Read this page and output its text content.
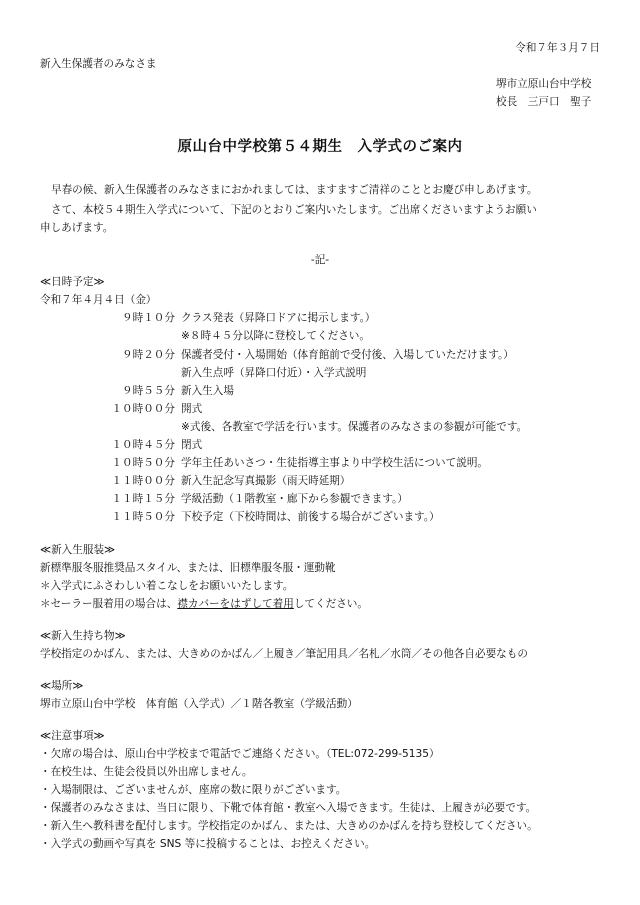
令和７年３月７日
新入生保護者のみなさま
堺市立原山台中学校
校長　三戸口　聖子
原山台中学校第５４期生　入学式のご案内
早春の候、新入生保護者のみなさまにおかれましては、ますますご清祥のこととお慶び申しあげます。
さて、本校５４期生入学式について、下記のとおりご案内いたします。ご出席くださいますようお願い
申しあげます。
-記-
≪日時予定≫
令和７年４月４日（金）
９時１０分 クラス発表（昇降口ドアに掲示します。）
※８時４５分以降に登校してください。
９時２０分 保護者受付・入場開始（体育館前で受付後、入場していただけます。）
新入生点呼（昇降口付近）・入学式説明
９時５５分 新入生入場
１０時００分 開式
※式後、各教室で学活を行います。保護者のみなさまの参観が可能です。
１０時４５分 閉式
１０時５０分 学年主任あいさつ・生徒指導主事より中学校生活について説明。
１１時００分 新入生記念写真撮影（雨天時延期）
１１時１５分 学級活動（１階教室・廊下から参観できます。）
１１時５０分 下校予定（下校時間は、前後する場合がございます。）
≪新入生服装≫
新標準服冬服推奨品スタイル、または、旧標準服冬服・運動靴
＊入学式にふさわしい着こなしをお願いいたします。
＊セーラー服着用の場合は、襟カバーをはずして着用してください。
≪新入生持ち物≫
学校指定のかばん、または、大きめのかばん／上履き／筆記用具／名札／水筒／その他各自必要なもの
≪場所≫
堺市立原山台中学校　体育館（入学式）／１階各教室（学級活動）
≪注意事項≫
・欠席の場合は、原山台中学校まで電話でご連絡ください。（TEL:072-299-5135）
・在校生は、生徒会役員以外出席しません。
・入場制限は、ございませんが、座席の数に限りがございます。
・保護者のみなさまは、当日に限り、下靴で体育館・教室へ入場できます。生徒は、上履きが必要です。
・新入生へ教科書を配付します。学校指定のかばん、または、大きめのかばんを持ち登校してください。
・入学式の動画や写真を SNS 等に投稿することは、お控えください。
